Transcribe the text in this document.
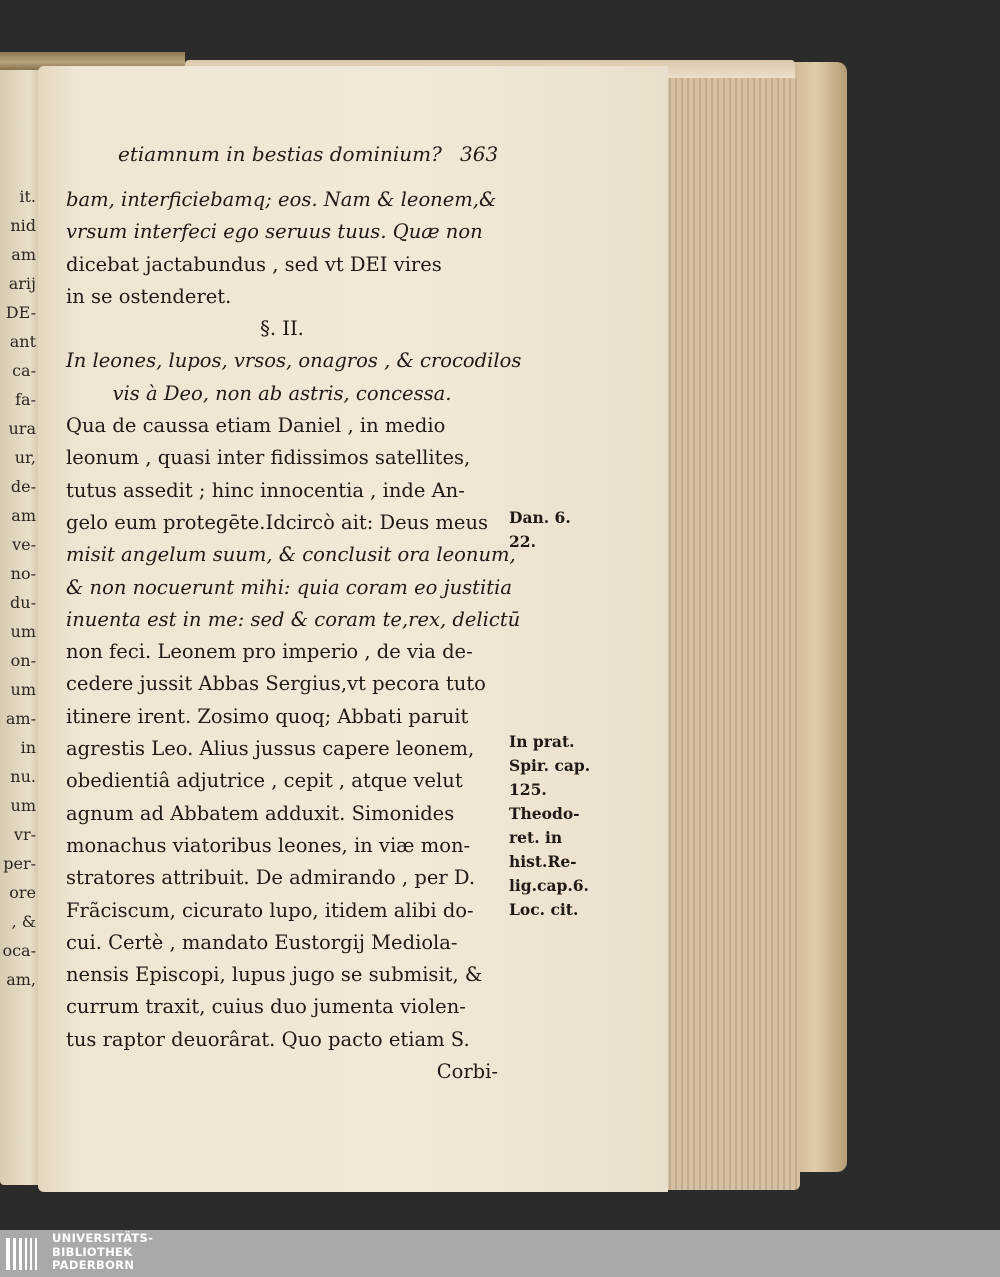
it.
nid
am
arij
DE-
ant
ca-
fa-
ura
ur,
de-
am
ve-
no-
du-
um
on-
um
am-
in
nu.
um
vr-
per-
ore
, &
oca-
am,
etiamnum in bestias dominium? 363
bam, interficiebamq; eos. Nam & leonem,&
vrsum interfeci ego seruus tuus. Quæ non
dicebat jactabundus , sed vt DEI vires
in se ostenderet.
§. II.
In leones, lupos, vrsos, onagros , & crocodilos
vis à Deo, non ab astris, concessa.
Qua de caussa etiam Daniel , in medio
leonum , quasi inter fidissimos satellites,
tutus assedit ; hinc innocentia , inde An-
gelo eum protegēte.Idcircò ait: Deus meus
misit angelum suum, & conclusit ora leonum,
& non nocuerunt mihi: quia coram eo justitia
inuenta est in me: sed & coram te,rex, delictū
non feci. Leonem pro imperio , de via de-
cedere jussit Abbas Sergius,vt pecora tuto
itinere irent. Zosimo quoq; Abbati paruit
agrestis Leo. Alius jussus capere leonem,
obedientiâ adjutrice , cepit , atque velut
agnum ad Abbatem adduxit. Simonides
monachus viatoribus leones, in viæ mon-
stratores attribuit. De admirando , per D.
Frãciscum, cicurato lupo, itidem alibi do-
cui. Certè , mandato Eustorgij Mediola-
nensis Episcopi, lupus jugo se submisit, &
currum traxit, cuius duo jumenta violen-
tus raptor deuorârat. Quo pacto etiam S.
Corbi-
Dan. 6.
22.
In prat.
Spir. cap.
125.
Theodo-
ret. in
hist.Re-
lig.cap.6.
Loc. cit.
UNIVERSITÄTS-
BIBLIOTHEK
PADERBORN
